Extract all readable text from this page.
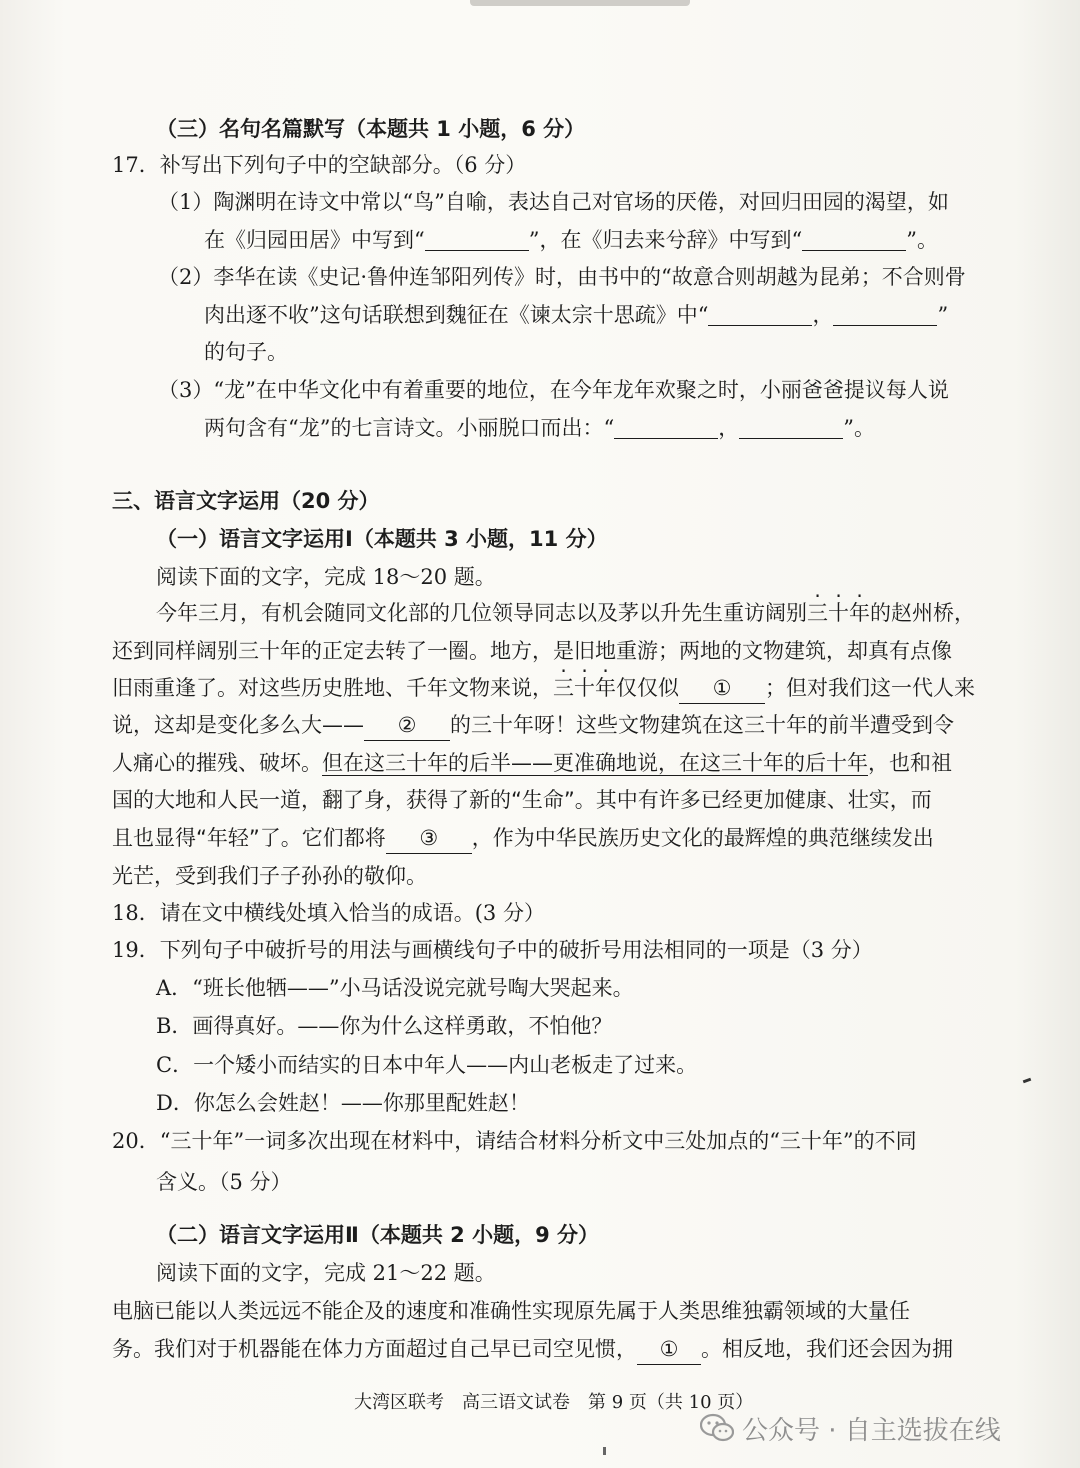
（三）名句名篇默写（本题共 1 小题，6 分）
17．补写出下列句子中的空缺部分。（6 分）
（1）陶渊明在诗文中常以“鸟”自喻，表达自己对官场的厌倦，对回归田园的渴望，如
在《归园田居》中写到“	”，在《归去来兮辞》中写到“	”。
（2）李华在读《史记·鲁仲连邹阳列传》时，由书中的“故意合则胡越为昆弟；不合则骨
肉出逐不收”这句话联想到魏征在《谏太宗十思疏》中“	，	”
的句子。
（3）“龙”在中华文化中有着重要的地位，在今年龙年欢聚之时，小丽爸爸提议每人说
两句含有“龙”的七言诗文。小丽脱口而出：“	，	”。
三、语言文字运用（20 分）
（一）语言文字运用Ⅰ（本题共 3 小题，11 分）
阅读下面的文字，完成 18～20 题。
今年三月，有机会随同文化部的几位领导同志以及茅以升先生重访阔别三十年的赵州桥，
还到同样阔别三十年的正定去转了一圈。地方，是旧地重游；两地的文物建筑，却真有点像
旧雨重逢了。对这些历史胜地、千年文物来说，三十年仅仅似 ① ；但对我们这一代人来
说，这却是变化多么大—— ② 的三十年呀！这些文物建筑在这三十年的前半遭受到令
人痛心的摧残、破坏。但在这三十年的后半——更准确地说，在这三十年的后十年，也和祖
国的大地和人民一道，翻了身，获得了新的“生命”。其中有许多已经更加健康、壮实，而
且也显得“年轻”了。它们都将 ③ ，作为中华民族历史文化的最辉煌的典范继续发出
光芒，受到我们子子孙孙的敬仰。
18．请在文中横线处填入恰当的成语。(3 分）
19．下列句子中破折号的用法与画横线句子中的破折号用法相同的一项是（3 分）
A．“班长他牺——”小马话没说完就号啕大哭起来。
B．画得真好。——你为什么这样勇敢，不怕他？
C．一个矮小而结实的日本中年人——内山老板走了过来。
D．你怎么会姓赵！——你那里配姓赵！
20．“三十年”一词多次出现在材料中，请结合材料分析文中三处加点的“三十年”的不同
含义。（5 分）
（二）语言文字运用Ⅱ（本题共 2 小题，9 分）
阅读下面的文字，完成 21～22 题。
电脑已能以人类远远不能企及的速度和准确性实现原先属于人类思维独霸领域的大量任
务。我们对于机器能在体力方面超过自己早已司空见惯， ① 。相反地，我们还会因为拥
大湾区联考　高三语文试卷　第 9 页（共 10 页）
公众号 · 自主选拔在线
